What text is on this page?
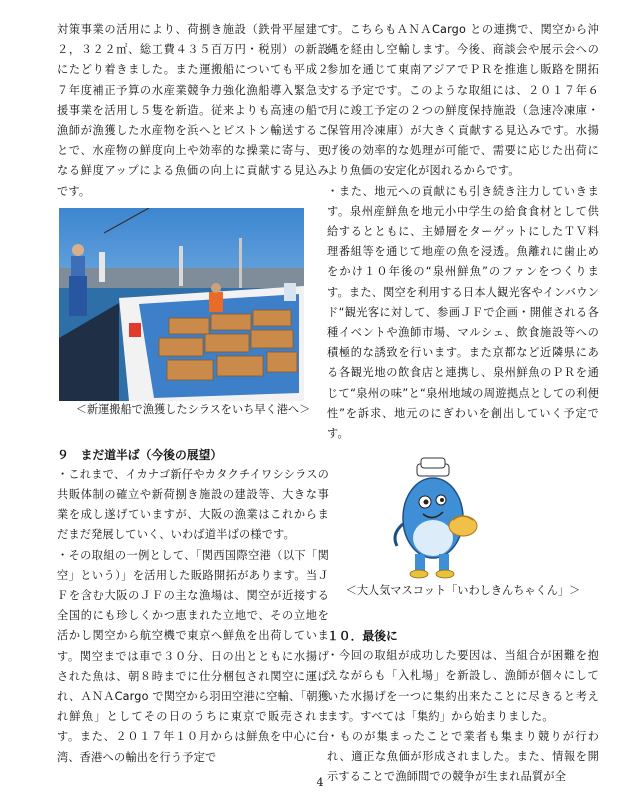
対策事業の活用により、荷捌き施設（鉄骨平屋建て２，３２２㎡、総工費４３５百万円・税別）の新設にたどり着きました。また運搬船についても平成２７年度補正予算の水産業競争力強化漁船導入緊急支援事業を活用し５隻を新造。従来よりも高速の船で漁師が漁獲した水産物を浜へとピストン輸送することで、水産物の鮮度向上や効率的な操業に寄与、更なる鮮度アップによる魚価の向上に貢献する見込みです。

＜新運搬船で漁獲したシラスをいち早く港へ＞

９　まだ道半ば（今後の展望）

・これまで、イカナゴ新仔やカタクチイワシシラスの共販体制の確立や新荷捌き施設の建設等、大きな事業を成し遂げていますが、大阪の漁業はこれからまだまだ発展していく、いわば道半ばの様です。

・その取組の一例として、「関西国際空港（以下「関空」という）」を活用した販路開拓があります。当ＪＦを含む大阪のＪＦの主な漁場は、関空が近接する全国的にも珍しくかつ恵まれた立地で、その立地を活かし関空から航空機で東京へ鮮魚を出荷しています。関空までは車で３０分、日の出とともに水揚げされた魚は、朝８時までに仕分梱包され関空に運ばれ、ＡＮＡCargo で関空から羽田空港に空輸、「朝獲れ鮮魚」としてその日のうちに東京で販売されます。また、２０１７年１０月からは鮮魚を中心に台湾、香港への輸出を行う予定で

す。こちらもＡＮＡCargo との連携で、関空から沖縄を経由し空輸します。今後、商談会や展示会への参加を通じて東南アジアでＰＲを推進し販路を開拓する予定です。このような取組には、２０１７年６月に竣工予定の２つの鮮度保持施設（急速冷凍庫・保管用冷凍庫）が大きく貢献する見込みです。水揚げ後の効率的な処理が可能で、需要に応じた出荷により魚価の安定化が図れるからです。

・また、地元への貢献にも引き続き注力していきます。泉州産鮮魚を地元小中学生の給食食材として供給するとともに、主婦層をターゲットにしたＴＶ料理番組等を通じて地産の魚を浸透。魚離れに歯止めをかけ１０年後の“泉州鮮魚”のファンをつくります。また、関空を利用する日本人観光客やインバウンド“観光客に対して、参画ＪＦで企画・開催される各種イベントや漁師市場、マルシェ、飲食施設等への積極的な誘致を行います。また京都など近隣県にある各観光地の飲食店と連携し、泉州鮮魚のＰＲを通じて“泉州の味”と“泉州地域の周遊拠点としての利便性”を訴求、地元のにぎわいを創出していく予定です。

＜大人気マスコット「いわしきんちゃくん」＞

１０．最後に

・今回の取組が成功した要因は、当組合が困難を抱えながらも「入札場」を新設し、漁師が個々にしていた水揚げを一つに集約出来たことに尽きると考えます。すべては「集約」から始まりました。

・ものが集まったことで業者も集まり競りが行われ、適正な魚価が形成されました。また、情報を開示することで漁師間での競争が生まれ品質が全

4
